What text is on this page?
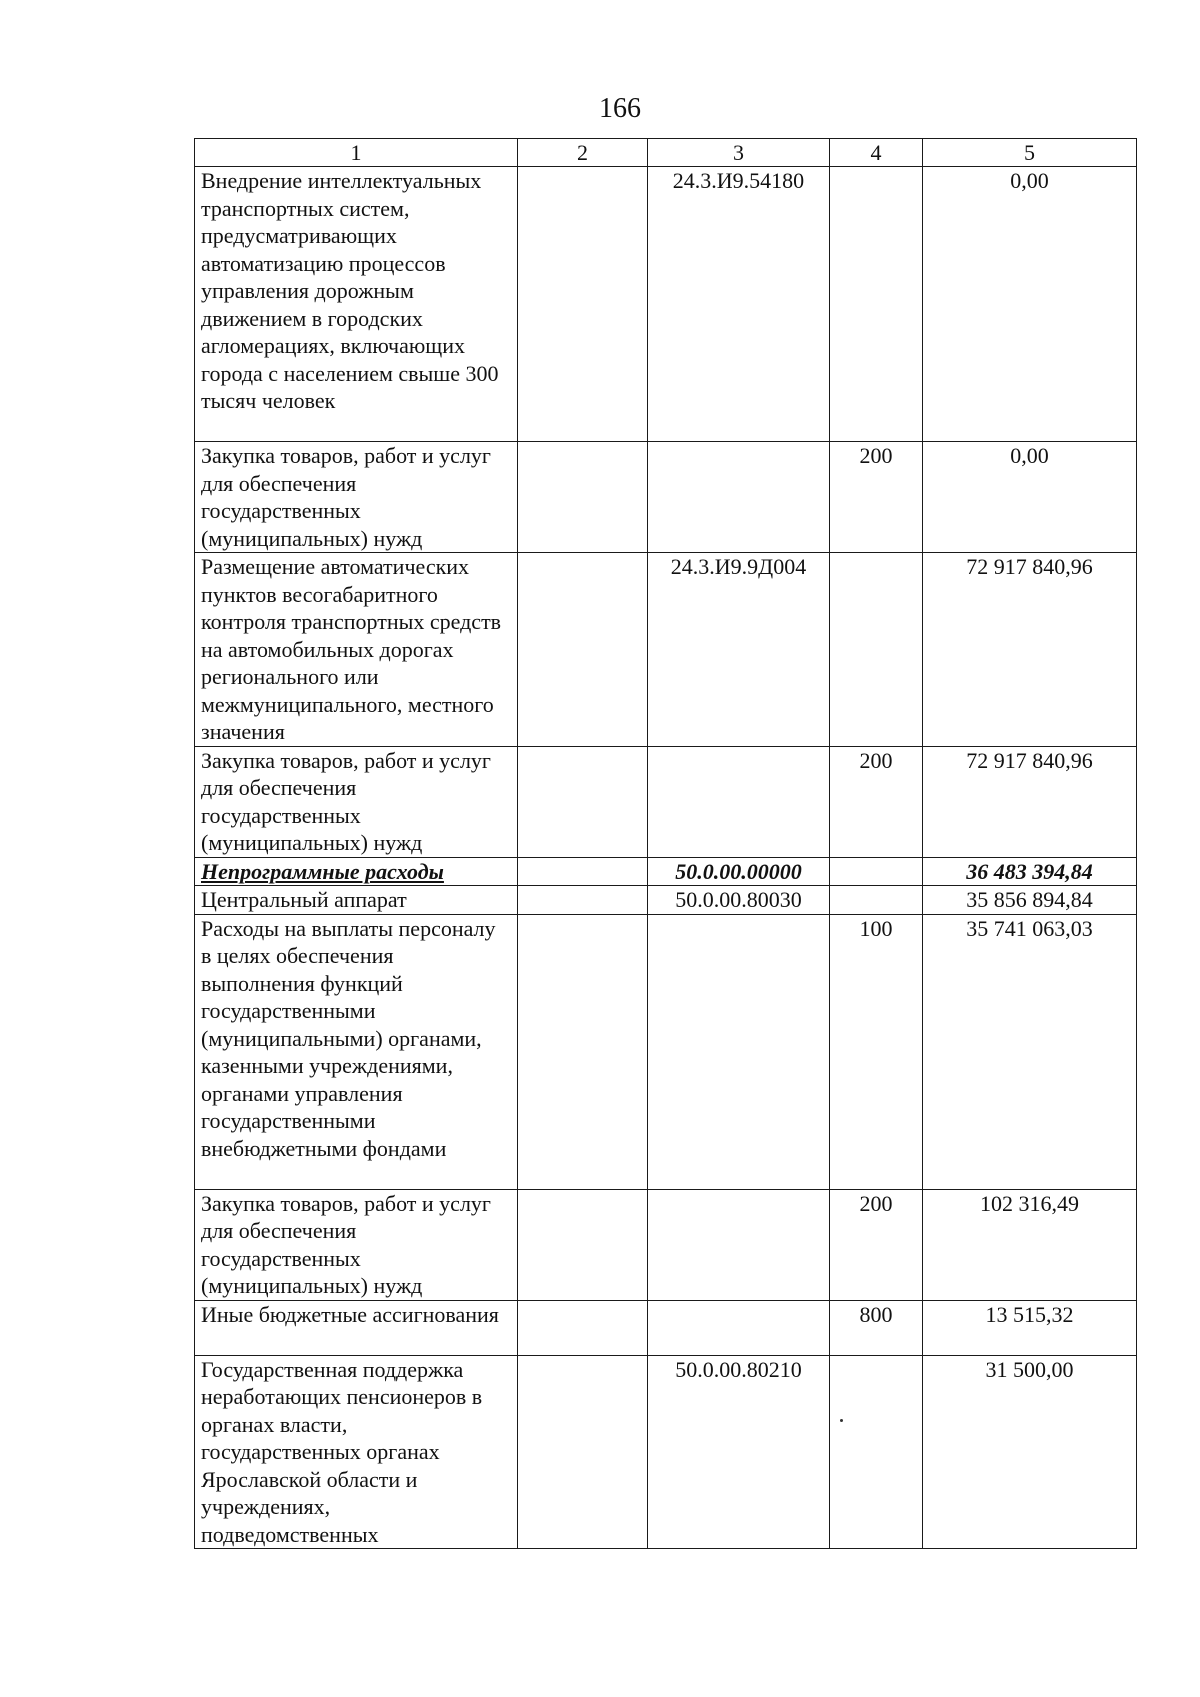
166
1	2	3	4	5
Внедрение интеллектуальных транспортных систем, предусматривающих автоматизацию процессов управления дорожным движением в городских агломерациях, включающих города с населением свыше 300 тысяч человек		24.3.И9.54180		0,00
Закупка товаров, работ и услуг для обеспечения государственных (муниципальных) нужд			200	0,00
Размещение автоматических пунктов весогабаритного контроля транспортных средств на автомобильных дорогах регионального или межмуниципального, местного значения		24.3.И9.9Д004		72 917 840,96
Закупка товаров, работ и услуг для обеспечения государственных (муниципальных) нужд			200	72 917 840,96
Непрограммные расходы		50.0.00.00000		36 483 394,84
Центральный аппарат		50.0.00.80030		35 856 894,84
Расходы на выплаты персоналу в целях обеспечения выполнения функций государственными (муниципальными) органами, казенными учреждениями, органами управления государственными внебюджетными фондами			100	35 741 063,03
Закупка товаров, работ и услуг для обеспечения государственных (муниципальных) нужд			200	102 316,49
Иные бюджетные ассигнования			800	13 515,32
Государственная поддержка неработающих пенсионеров в органах власти, государственных органах Ярославской области и учреждениях, подведомственных		50.0.00.80210		31 500,00
